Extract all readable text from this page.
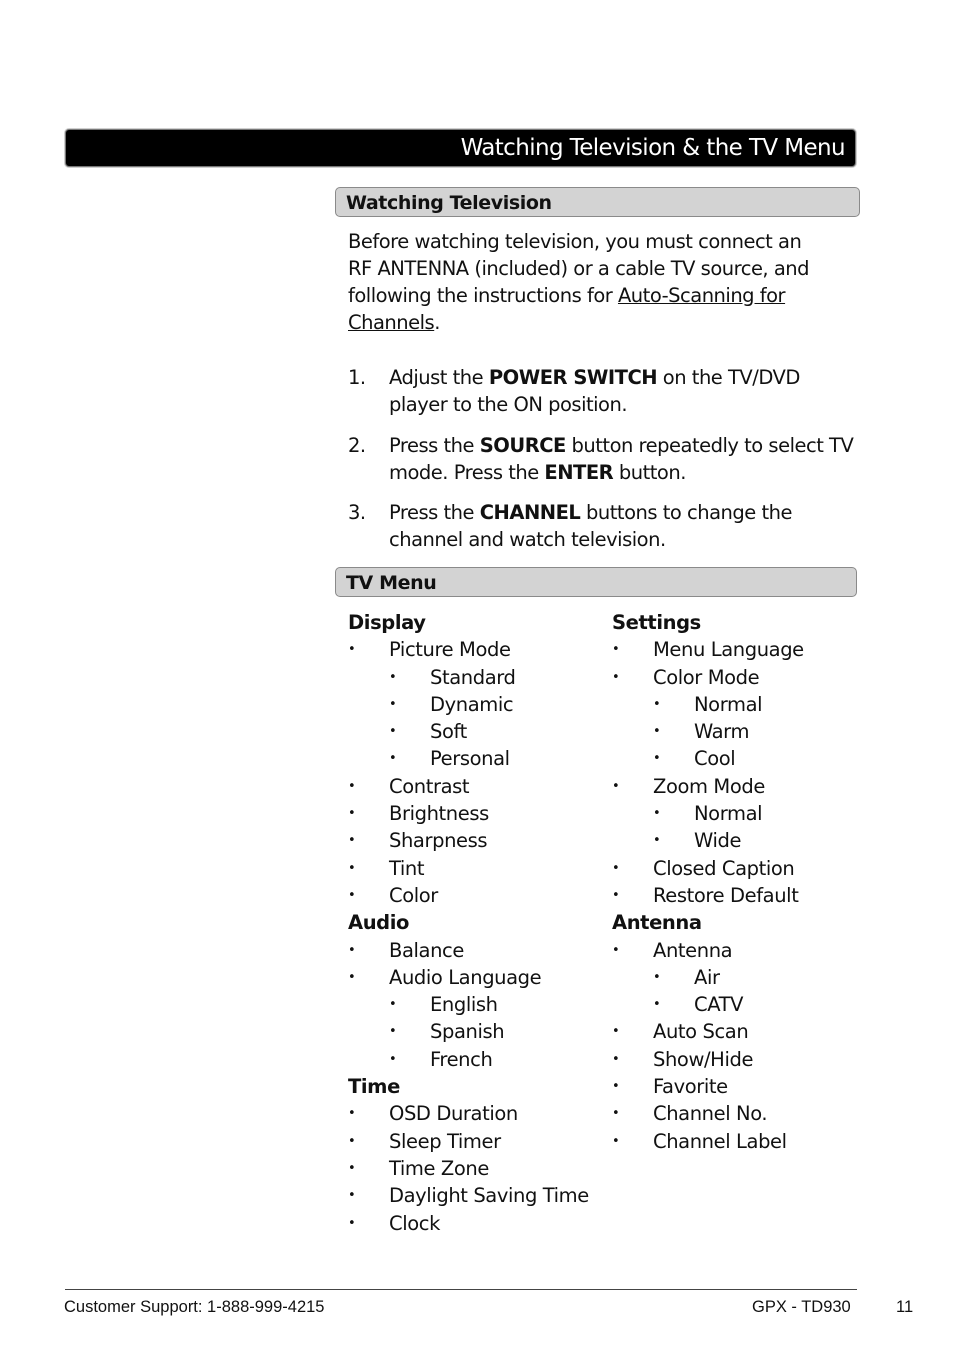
Watching Television & the TV Menu
Watching Television

Before watching television, you must connect an RF ANTENNA (included) or a cable TV source, and following the instructions for Auto-Scanning for Channels.

1. Adjust the POWER SWITCH on the TV/DVD player to the ON position.
2. Press the SOURCE button repeatedly to select TV mode. Press the ENTER button.
3. Press the CHANNEL buttons to change the channel and watch television.
TV Menu
Display
• Picture Mode
• Standard
• Dynamic
• Soft
• Personal
• Contrast
• Brightness
• Sharpness
• Tint
• Color
Audio
• Balance
• Audio Language
• English
• Spanish
• French
Time
• OSD Duration
• Sleep Timer
• Time Zone
• Daylight Saving Time
• Clock
Settings
• Menu Language
• Color Mode
• Normal
• Warm
• Cool
• Zoom Mode
• Normal
• Wide
• Closed Caption
• Restore Default
Antenna
• Antenna
• Air
• CATV
• Auto Scan
• Show/Hide
• Favorite
• Channel No.
• Channel Label
Customer Support: 1-888-999-4215	GPX - TD930	11
